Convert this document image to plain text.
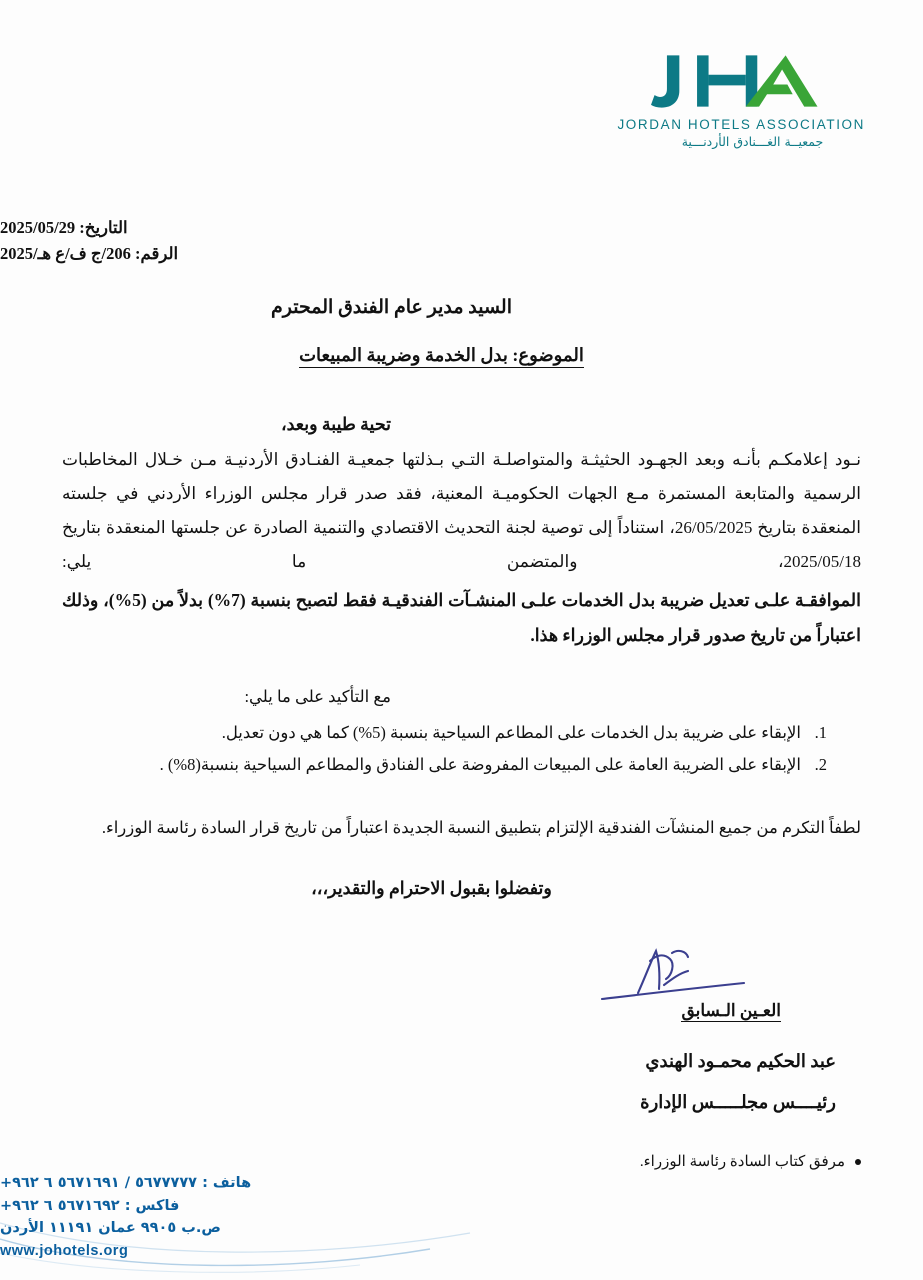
JORDAN HOTELS ASSOCIATION
جمعيــة الغـــنادق الأردنـــية
التاريخ: 2025/05/29
الرقم: 206/ج ف/ع هـ/2025

السيد مدير عام الفندق المحترم

الموضوع: بدل الخدمة وضريبة المبيعات

تحية طيبة وبعد،

نـود إعلامكـم بأنـه وبعد الجهـود الحثيثـة والمتواصلـة التـي بـذلتها جمعيـة الفنـادق الأردنيـة مـن خـلال المخاطبات الرسمية والمتابعة المستمرة مـع الجهات الحكوميـة المعنية، فقد صدر قرار مجلس الوزراء الأردني في جلسته المنعقدة بتاريخ 26/05/2025، استناداً إلى توصية لجنة التحديث الاقتصادي والتنمية الصادرة عن جلستها المنعقدة بتاريخ 2025/05/18، والمتضمن ما يلي:

الموافقـة علـى تعديل ضريبة بدل الخدمات علـى المنشـآت الفندقيـة فقط لتصبح بنسبة (7%) بدلاً من (5%)، وذلك اعتباراً من تاريخ صدور قرار مجلس الوزراء هذا.

مع التأكيد على ما يلي:

الإبقاء على ضريبة بدل الخدمات على المطاعم السياحية بنسبة (5%) كما هي دون تعديل.
الإبقاء على الضريبة العامة على المبيعات المفروضة على الفنادق والمطاعم السياحية بنسبة(8%) .

لطفاً التكرم من جميع المنشآت الفندقية الإلتزام بتطبيق النسبة الجديدة اعتباراً من تاريخ قرار السادة رئاسة الوزراء.

وتفضلوا بقبول الاحترام والتقدير،،،

العـين الـسابق
عبد الحكيم محمـود الهندي
رئيــــس مجلـــــس الإدارة
مرفق كتاب السادة رئاسة الوزراء.
هاتف : ٥٦٧٧٧٧٧ / ٥٦٧١٦٩١ ٦ ٩٦٢+
فاكس : ٥٦٧١٦٩٢ ٦ ٩٦٢+
ص.ب ٩٩٠٥ عمان ١١١٩١ الأردن
www.johotels.org
